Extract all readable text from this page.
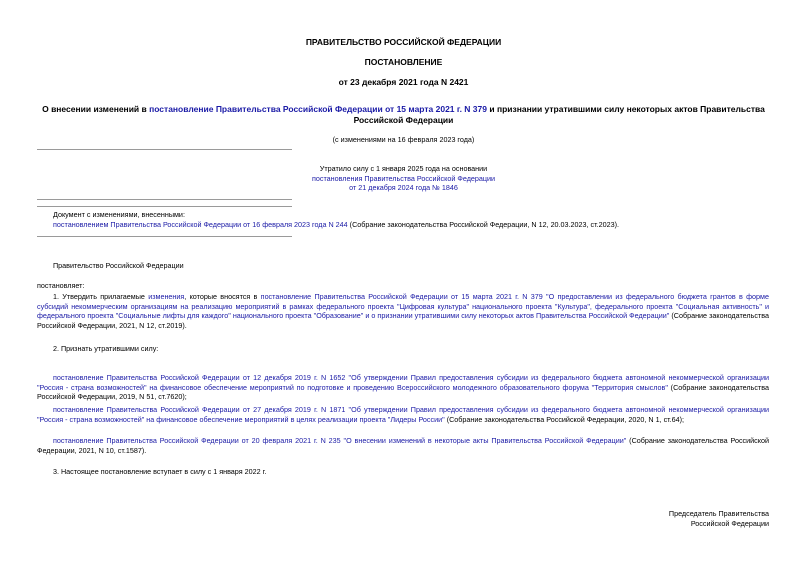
ПРАВИТЕЛЬСТВО РОССИЙСКОЙ ФЕДЕРАЦИИ
ПОСТАНОВЛЕНИЕ
от 23 декабря 2021 года N 2421
О внесении изменений в постановление Правительства Российской Федерации от 15 марта 2021 г. N 379 и признании утратившими силу некоторых актов Правительства Российской Федерации
(с изменениями на 16 февраля 2023 года)
Утратило силу с 1 января 2025 года на основании
постановления Правительства Российской Федерации
от 21 декабря 2024 года № 1846
Документ с изменениями, внесенными:
постановлением Правительства Российской Федерации от 16 февраля 2023 года N 244 (Собрание законодательства Российской Федерации, N 12, 20.03.2023, ст.2023).
Правительство Российской Федерации
постановляет:
1. Утвердить прилагаемые изменения, которые вносятся в постановление Правительства Российской Федерации от 15 марта 2021 г. N 379 "О предоставлении из федерального бюджета грантов в форме субсидий некоммерческим организациям на реализацию мероприятий в рамках федерального проекта "Цифровая культура" национального проекта "Культура", федерального проекта "Социальная активность" и федерального проекта "Социальные лифты для каждого" национального проекта "Образование" и о признании утратившими силу некоторых актов Правительства Российской Федерации" (Собрание законодательства Российской Федерации, 2021, N 12, ст.2019).
2. Признать утратившими силу:
постановление Правительства Российской Федерации от 12 декабря 2019 г. N 1652 "Об утверждении Правил предоставления субсидии из федерального бюджета автономной некоммерческой организации "Россия - страна возможностей" на финансовое обеспечение мероприятий по подготовке и проведению Всероссийского молодежного образовательного форума "Территория смыслов" (Собрание законодательства Российской Федерации, 2019, N 51, ст.7620);
постановление Правительства Российской Федерации от 27 декабря 2019 г. N 1871 "Об утверждении Правил предоставления субсидии из федерального бюджета автономной некоммерческой организации "Россия - страна возможностей" на финансовое обеспечение мероприятий в целях реализации проекта "Лидеры России" (Собрание законодательства Российской Федерации, 2020, N 1, ст.64);
постановление Правительства Российской Федерации от 20 февраля 2021 г. N 235 "О внесении изменений в некоторые акты Правительства Российской Федерации" (Собрание законодательства Российской Федерации, 2021, N 10, ст.1587).
3. Настоящее постановление вступает в силу с 1 января 2022 г.
Председатель Правительства
Российской Федерации
